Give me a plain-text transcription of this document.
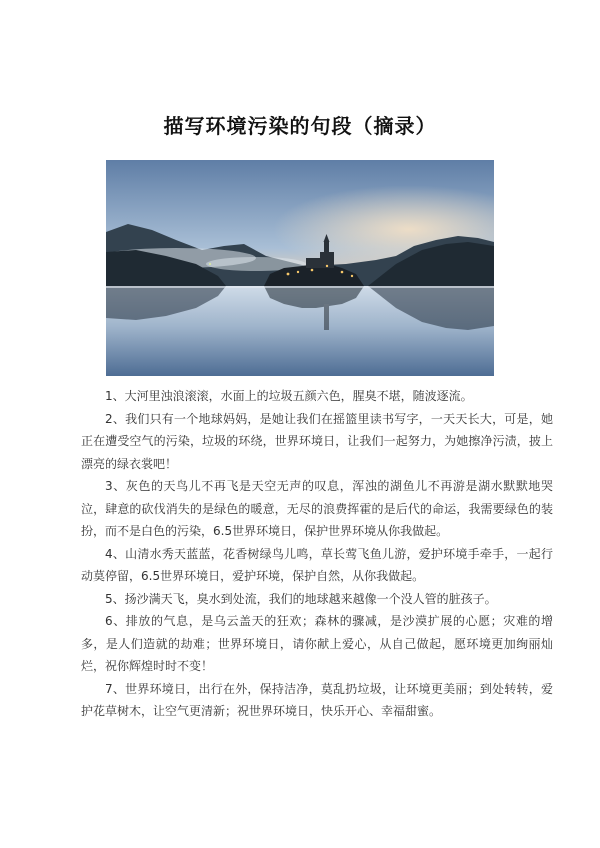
描写环境污染的句段（摘录）

1、大河里浊浪滚滚，水面上的垃圾五颜六色，腥臭不堪，随波逐流。

2、我们只有一个地球妈妈，是她让我们在摇篮里读书写字，一天天长大，可是，她正在遭受空气的污染，垃圾的环绕，世界环境日，让我们一起努力，为她擦净污渍，披上漂亮的绿衣裳吧！

3、灰色的天鸟儿不再飞是天空无声的叹息，浑浊的湖鱼儿不再游是湖水默默地哭泣，肆意的砍伐消失的是绿色的暖意，无尽的浪费挥霍的是后代的命运，我需要绿色的装扮，而不是白色的污染，6.5世界环境日，保护世界环境从你我做起。

4、山清水秀天蓝蓝，花香树绿鸟儿鸣，草长莺飞鱼儿游，爱护环境手牵手，一起行动莫停留，6.5世界环境日，爱护环境，保护自然，从你我做起。

5、扬沙满天飞，臭水到处流，我们的地球越来越像一个没人管的脏孩子。

6、排放的气息，是乌云盖天的狂欢；森林的骤减，是沙漠扩展的心愿；灾难的增多，是人们造就的劫难；世界环境日，请你献上爱心，从自己做起，愿环境更加绚丽灿烂，祝你辉煌时时不变！

7、世界环境日，出行在外，保持洁净，莫乱扔垃圾，让环境更美丽；到处转转，爱护花草树木，让空气更清新；祝世界环境日，快乐开心、幸福甜蜜。
